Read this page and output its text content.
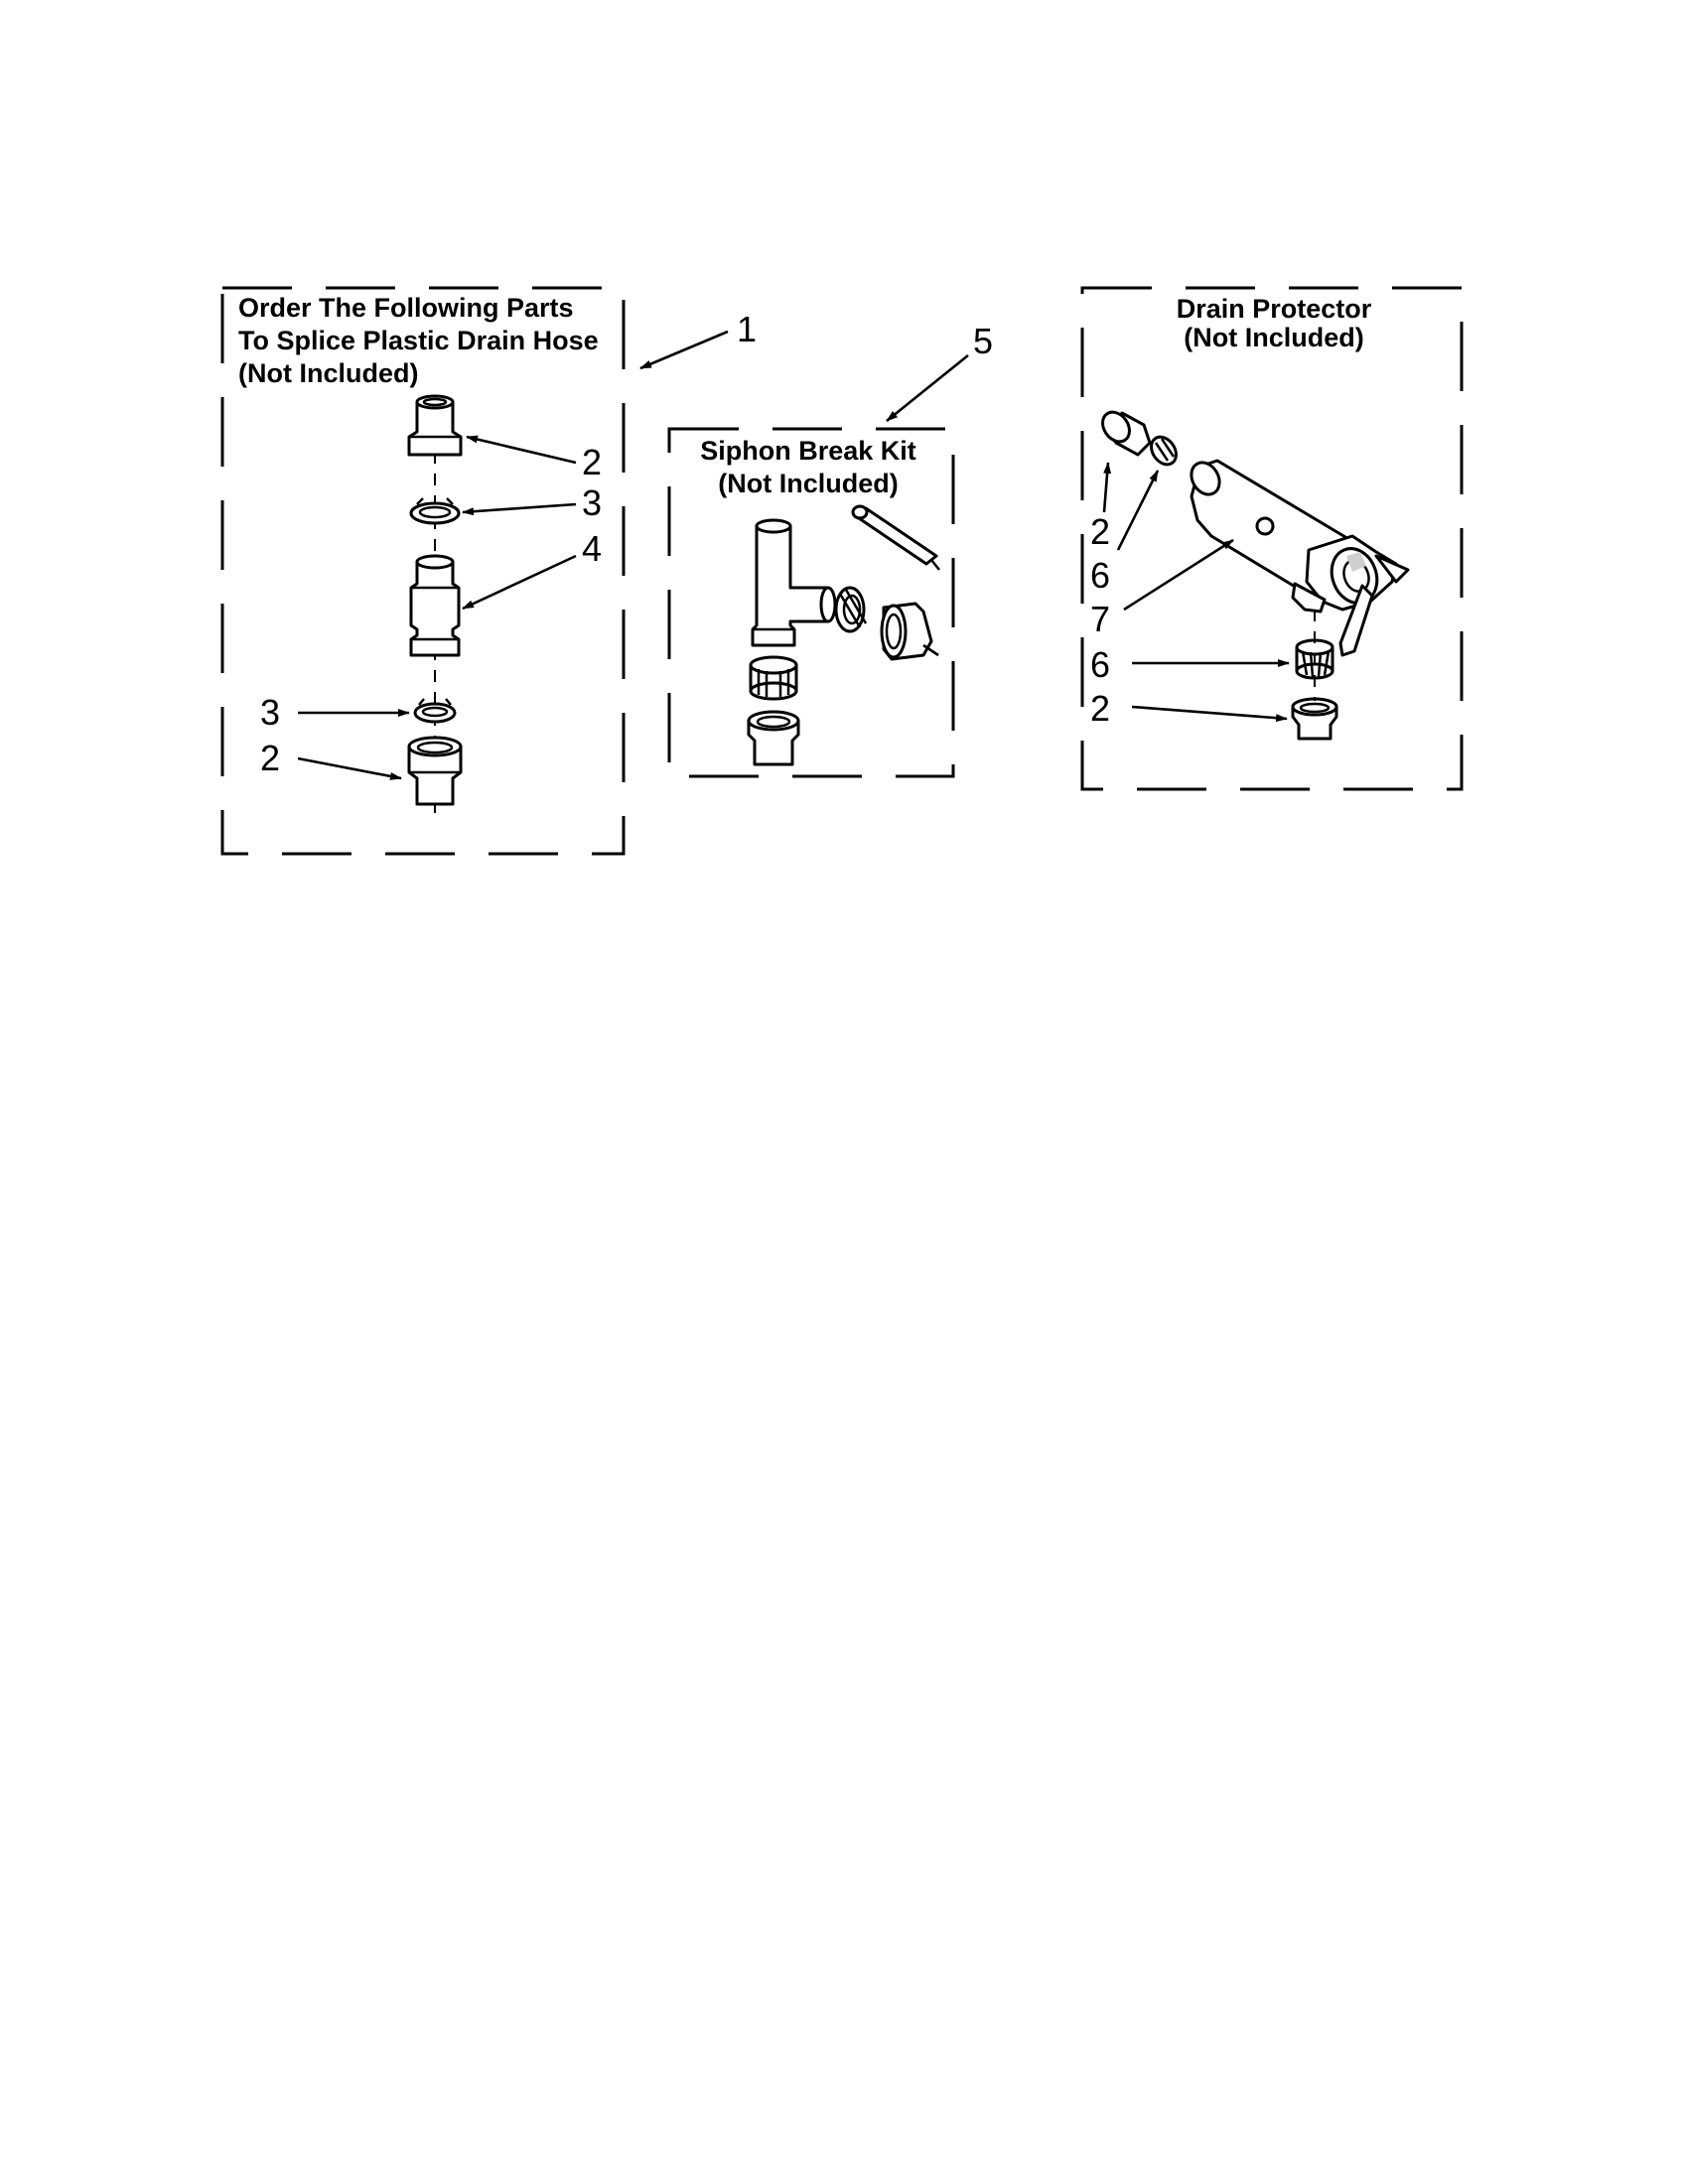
Order The Following Parts
To Splice Plastic Drain Hose
(Not Included)
1
2
3
4
3
2
Siphon Break Kit
(Not Included)
5
Drain Protector
(Not Included)
2
6
7
6
2
